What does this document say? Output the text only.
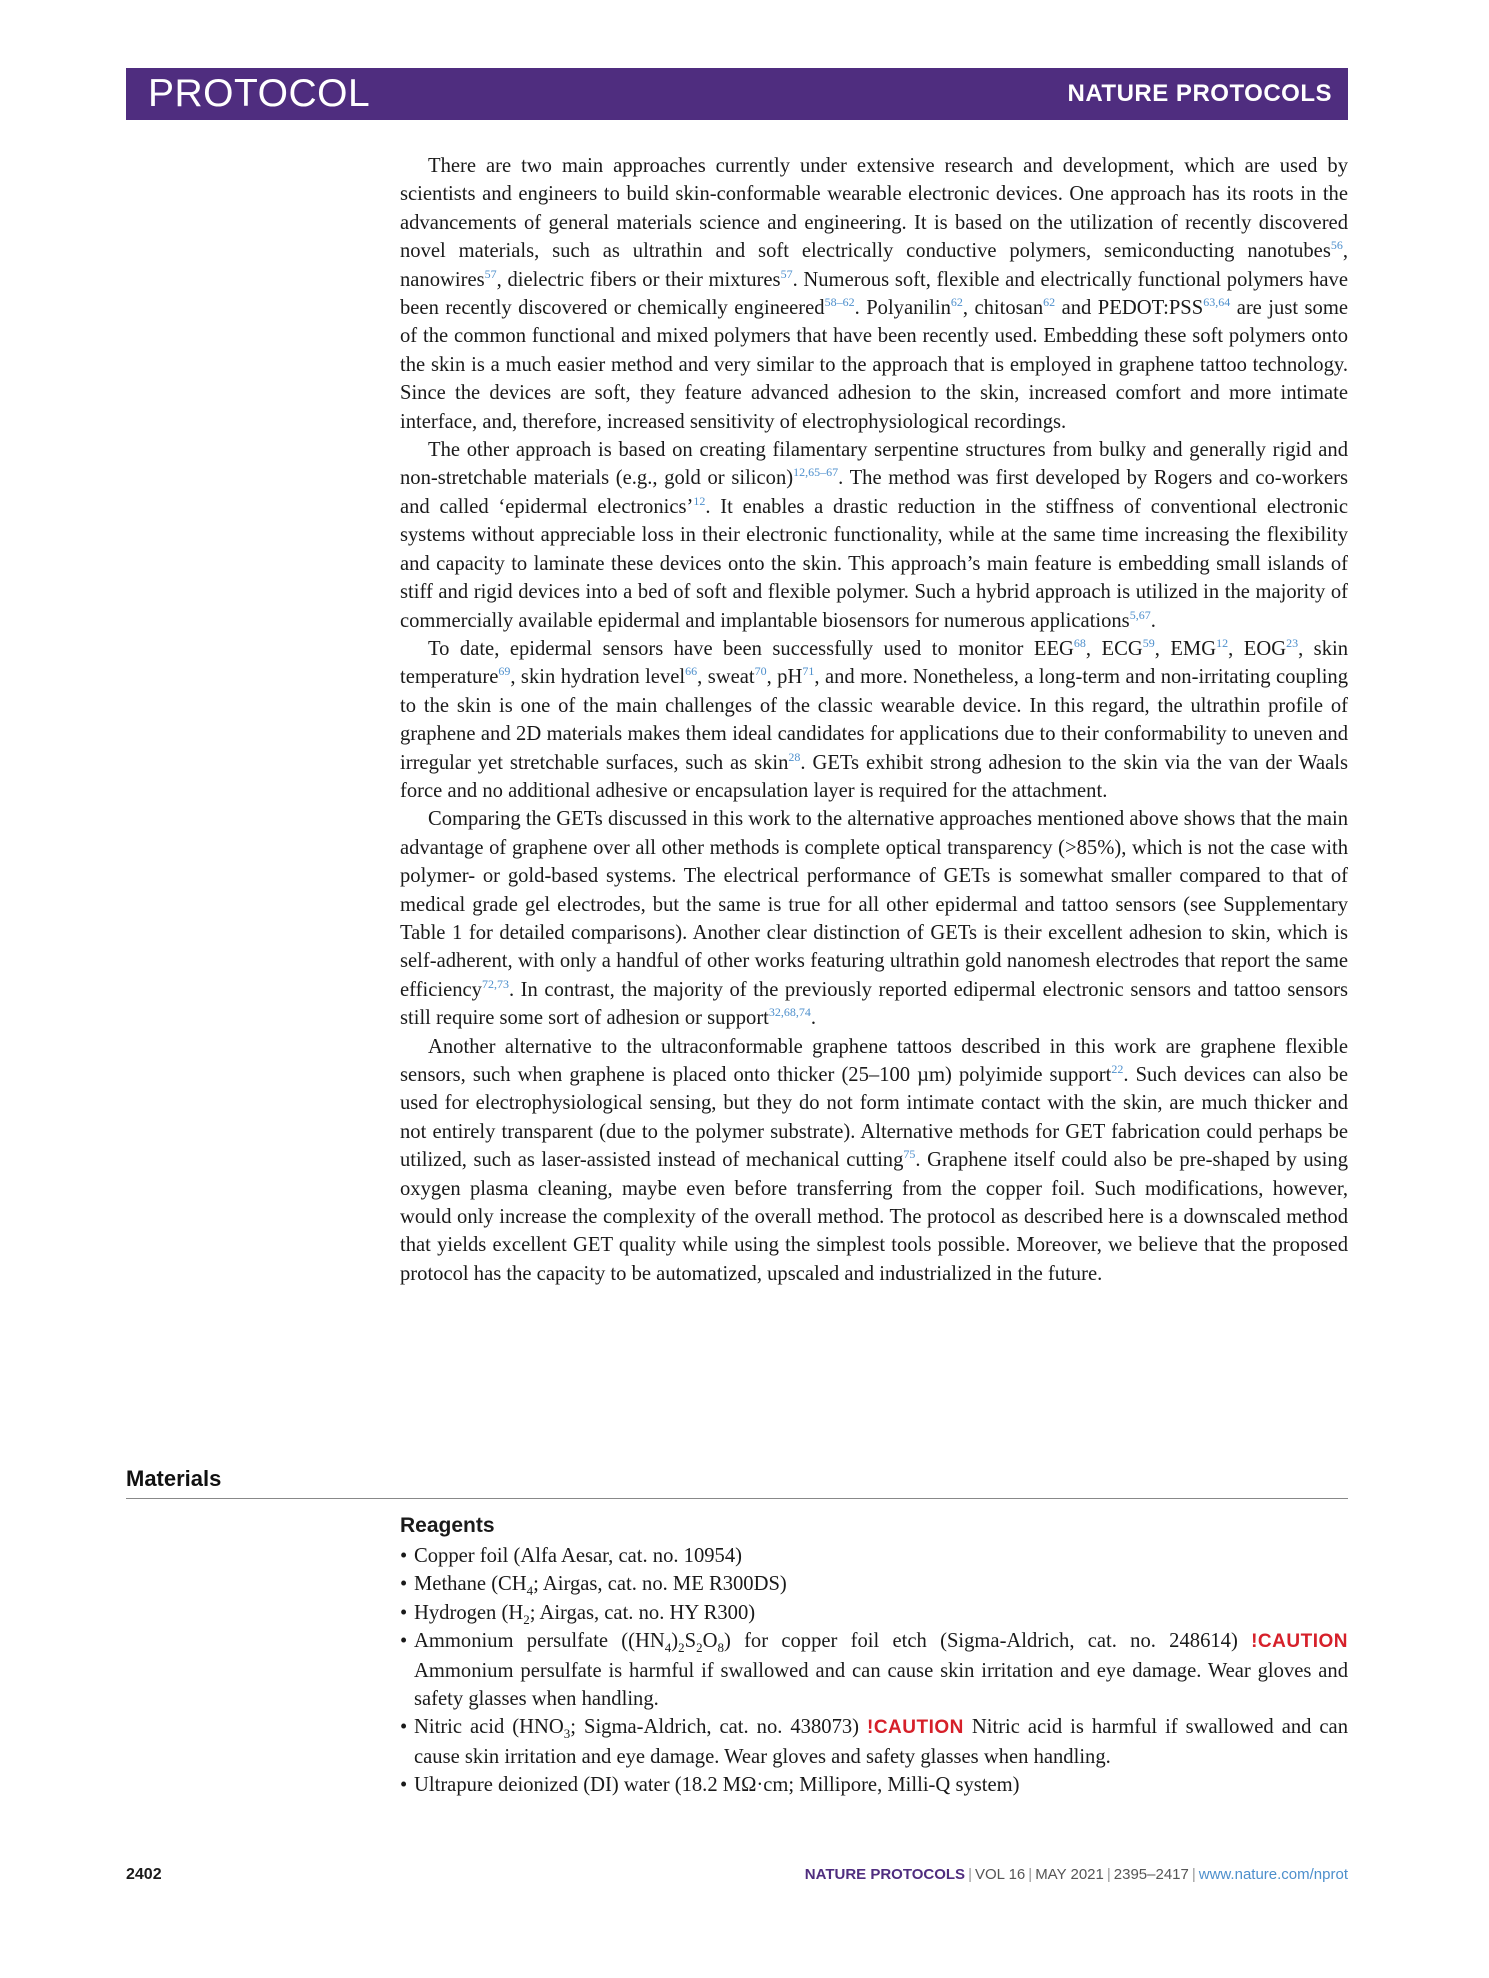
PROTOCOL	NATURE PROTOCOLS

There are two main approaches currently under extensive research and development, which are used by scientists and engineers to build skin-conformable wearable electronic devices. One approach has its roots in the advancements of general materials science and engineering. It is based on the utilization of recently discovered novel materials, such as ultrathin and soft electrically conductive polymers, semiconducting nanotubes$^{56}$, nanowires$^{57}$, dielectric fibers or their mixtures$^{57}$. Numerous soft, flexible and electrically functional polymers have been recently discovered or chemically engineered$^{58-62}$. Polyanilin$^{62}$, chitosan$^{62}$ and PEDOT:PSS$^{63,64}$ are just some of the common functional and mixed polymers that have been recently used. Embedding these soft polymers onto the skin is a much easier method and very similar to the approach that is employed in graphene tattoo technology. Since the devices are soft, they feature advanced adhesion to the skin, increased comfort and more intimate interface, and, therefore, increased sensitivity of electrophysiological recordings.

The other approach is based on creating filamentary serpentine structures from bulky and generally rigid and non-stretchable materials (e.g., gold or silicon)$^{12,65-67}$. The method was first developed by Rogers and co-workers and called ‘epidermal electronics’$^{12}$. It enables a drastic reduction in the stiffness of conventional electronic systems without appreciable loss in their electronic functionality, while at the same time increasing the flexibility and capacity to laminate these devices onto the skin. This approach’s main feature is embedding small islands of stiff and rigid devices into a bed of soft and flexible polymer. Such a hybrid approach is utilized in the majority of commercially available epidermal and implantable biosensors for numerous applications$^{5,67}$.

To date, epidermal sensors have been successfully used to monitor EEG$^{68}$, ECG$^{59}$, EMG$^{12}$, EOG$^{23}$, skin temperature$^{69}$, skin hydration level$^{66}$, sweat$^{70}$, $pH^{71}$, and more. Nonetheless, a long-term and non-irritating coupling to the skin is one of the main challenges of the classic wearable device. In this regard, the ultrathin profile of graphene and 2D materials makes them ideal candidates for applications due to their conformability to uneven and irregular yet stretchable surfaces, such as skin$^{28}$. GETs exhibit strong adhesion to the skin via the van der Waals force and no additional adhesive or encapsulation layer is required for the attachment.

Comparing the GETs discussed in this work to the alternative approaches mentioned above shows that the main advantage of graphene over all other methods is complete optical transparency (>85%), which is not the case with polymer- or gold-based systems. The electrical performance of GETs is somewhat smaller compared to that of medical grade gel electrodes, but the same is true for all other epidermal and tattoo sensors (see Supplementary Table 1 for detailed comparisons). Another clear distinction of GETs is their excellent adhesion to skin, which is self-adherent, with only a handful of other works featuring ultrathin gold nanomesh electrodes that report the same efficiency$^{72,73}$. In contrast, the majority of the previously reported edipermal electronic sensors and tattoo sensors still require some sort of adhesion or support$^{32,68,74}$.

Another alternative to the ultraconformable graphene tattoos described in this work are graphene flexible sensors, such when graphene is placed onto thicker (25–100 µm) polyimide support$^{22}$. Such devices can also be used for electrophysiological sensing, but they do not form intimate contact with the skin, are much thicker and not entirely transparent (due to the polymer substrate). Alternative methods for GET fabrication could perhaps be utilized, such as laser-assisted instead of mechanical cutting$^{75}$. Graphene itself could also be pre-shaped by using oxygen plasma cleaning, maybe even before transferring from the copper foil. Such modifications, however, would only increase the complexity of the overall method. The protocol as described here is a downscaled method that yields excellent GET quality while using the simplest tools possible. Moreover, we believe that the proposed protocol has the capacity to be automatized, upscaled and industrialized in the future.

Materials
Reagents
• Copper foil (Alfa Aesar, cat. no. 10954)
• Methane ($CH_4$; Airgas, cat. no. ME R300DS)
• Hydrogen ($H_2$; Airgas, cat. no. HY R300)
• Ammonium persulfate $((HN_4)_2S_2O_8)$ for copper foil etch (Sigma-Aldrich, cat. no. 248614) !CAUTION Ammonium persulfate is harmful if swallowed and can cause skin irritation and eye damage. Wear gloves and safety glasses when handling.
• Nitric acid ($HNO_3$; Sigma-Aldrich, cat. no. 438073) !CAUTION Nitric acid is harmful if swallowed and can cause skin irritation and eye damage. Wear gloves and safety glasses when handling.
• Ultrapure deionized (DI) water (18.2 MΩ·cm; Millipore, Milli-Q system)
2402	NATURE PROTOCOLS | VOL 16 | MAY 2021 | 2395–2417 | www.nature.com/nprot
